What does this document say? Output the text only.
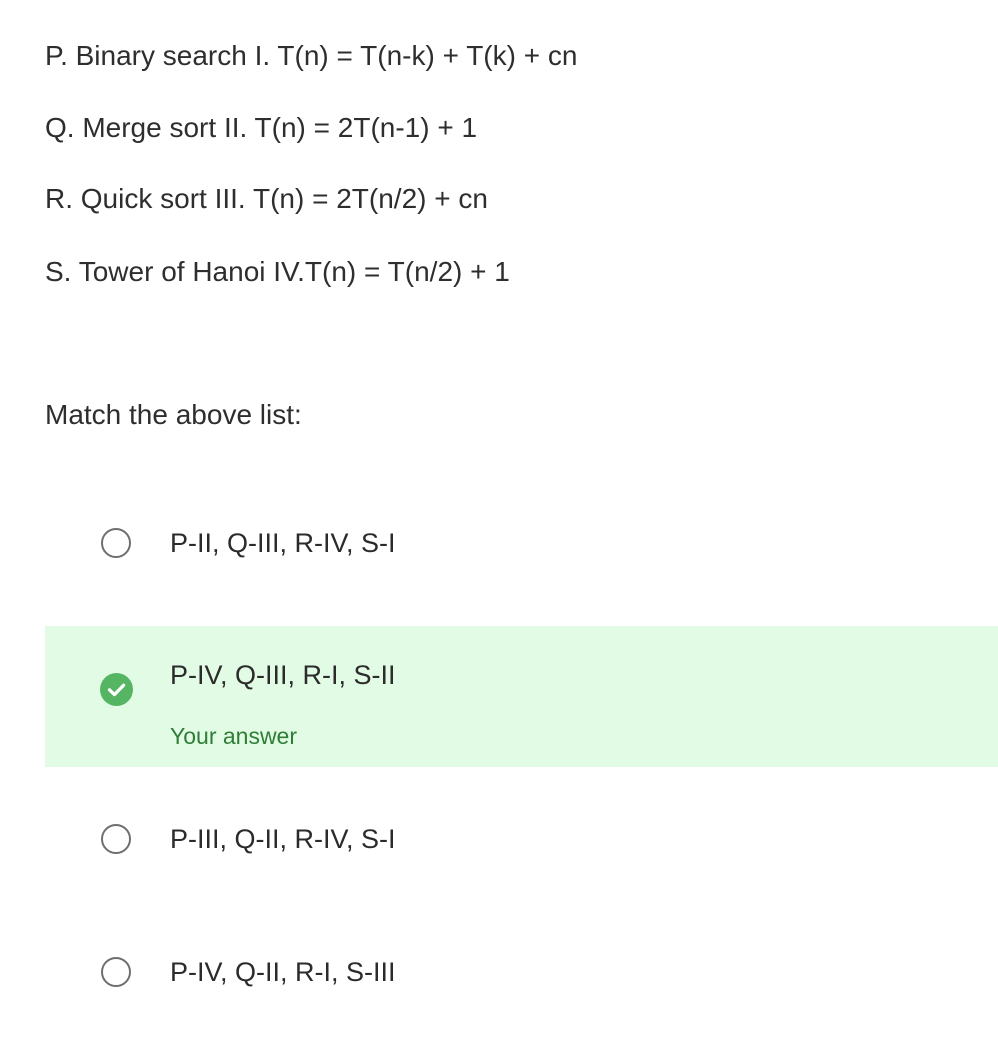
P. Binary search I. T(n) = T(n-k) + T(k) + cn
Q. Merge sort II. T(n) = 2T(n-1) + 1
R. Quick sort III. T(n) = 2T(n/2) + cn
S. Tower of Hanoi IV.T(n) = T(n/2) + 1
Match the above list:
P-II, Q-III, R-IV, S-I
P-IV, Q-III, R-I, S-II
Your answer
P-III, Q-II, R-IV, S-I
P-IV, Q-II, R-I, S-III
